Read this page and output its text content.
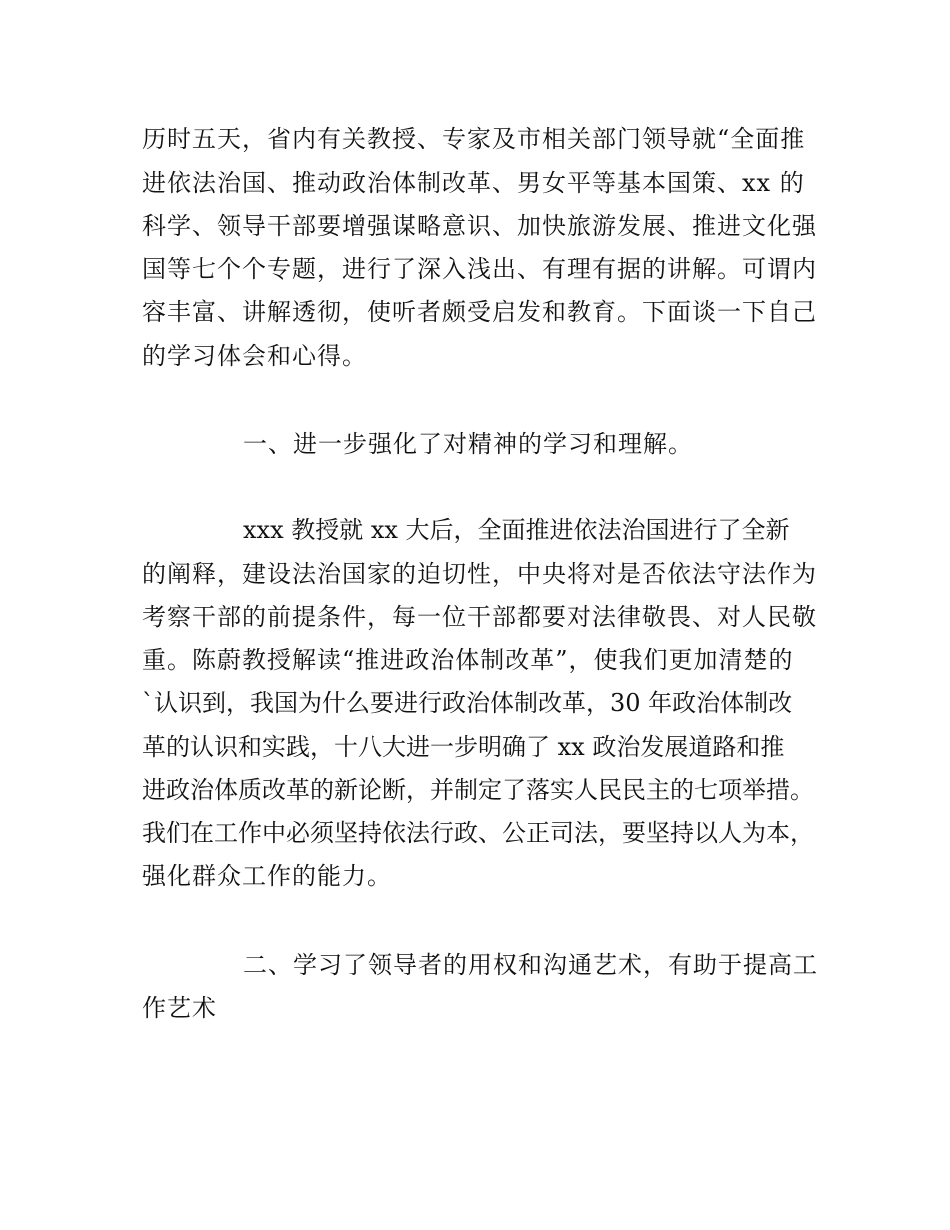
历时五天，省内有关教授、专家及市相关部门领导就“全面推
进依法治国、推动政治体制改革、男女平等基本国策、xx 的
科学、领导干部要增强谋略意识、加快旅游发展、推进文化强
国等七个个专题，进行了深入浅出、有理有据的讲解。可谓内
容丰富、讲解透彻，使听者颇受启发和教育。下面谈一下自己
的学习体会和心得。
一、进一步强化了对精神的学习和理解。
xxx 教授就 xx 大后，全面推进依法治国进行了全新
的阐释，建设法治国家的迫切性，中央将对是否依法守法作为
考察干部的前提条件，每一位干部都要对法律敬畏、对人民敬
重。陈蔚教授解读“推进政治体制改革”，使我们更加清楚的
`认识到，我国为什么要进行政治体制改革，30 年政治体制改
革的认识和实践，十八大进一步明确了 xx 政治发展道路和推
进政治体质改革的新论断，并制定了落实人民民主的七项举措。
我们在工作中必须坚持依法行政、公正司法，要坚持以人为本，
强化群众工作的能力。
二、学习了领导者的用权和沟通艺术，有助于提高工
作艺术
